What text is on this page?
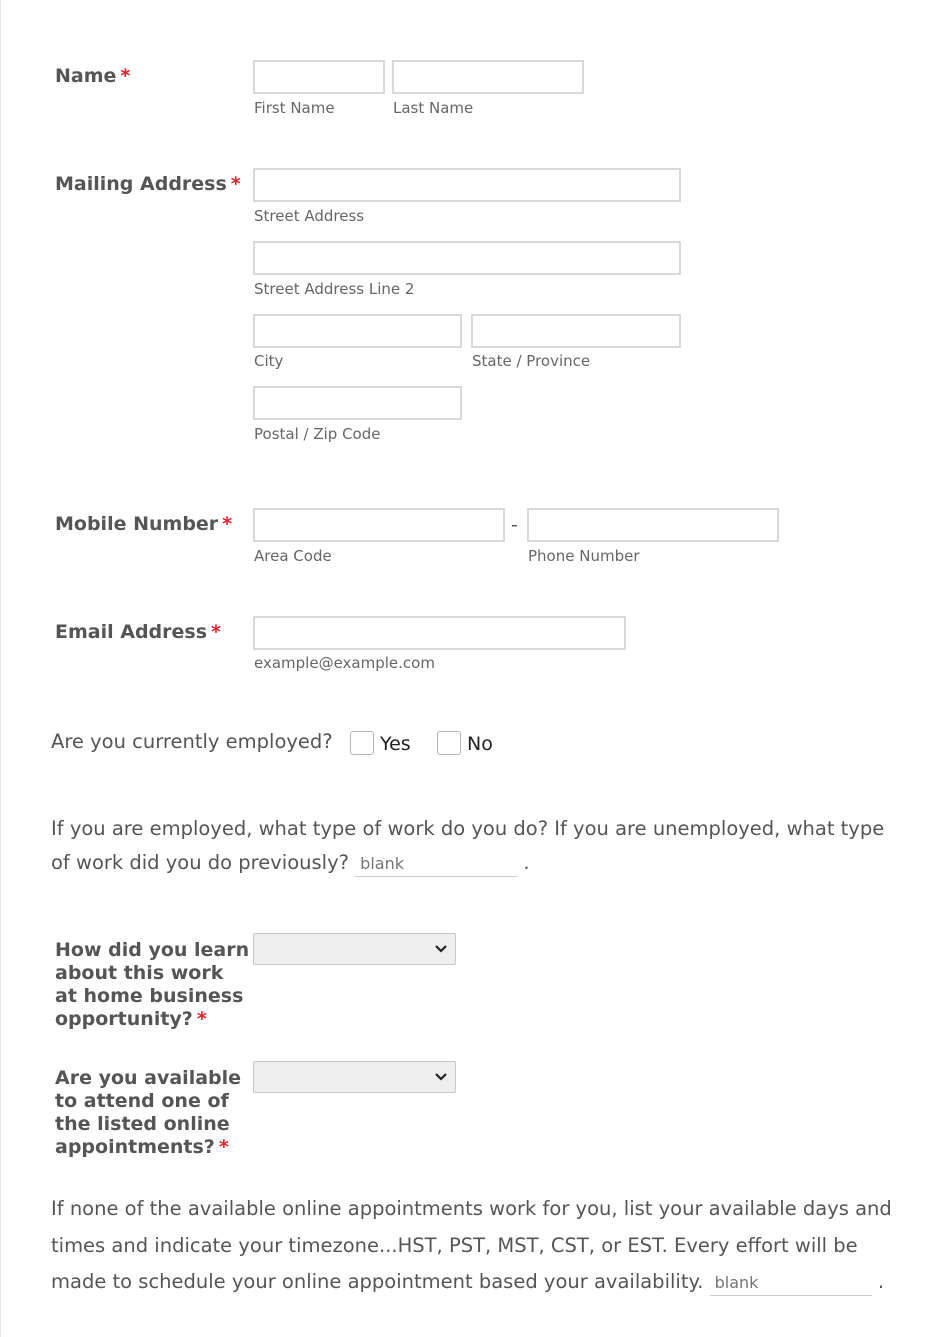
Name *
First Name	Last Name
Mailing Address *
Street Address
Street Address Line 2
City	State / Province
Postal / Zip Code
Mobile Number *	-
Area Code	Phone Number
Email Address *
example@example.com
Are you currently employed? Yes	No
If you are employed, what type of work do you do? If you are unemployed, what type
of work did you do previously? blank	.
How did you learn
about this work
at home business
opportunity? *
Are you available
to attend one of
the listed online
appointments? *
If none of the available online appointments work for you, list your available days and
times and indicate your timezone...HST, PST, MST, CST, or EST. Every effort will be
made to schedule your online appointment based your availability. blank	.
